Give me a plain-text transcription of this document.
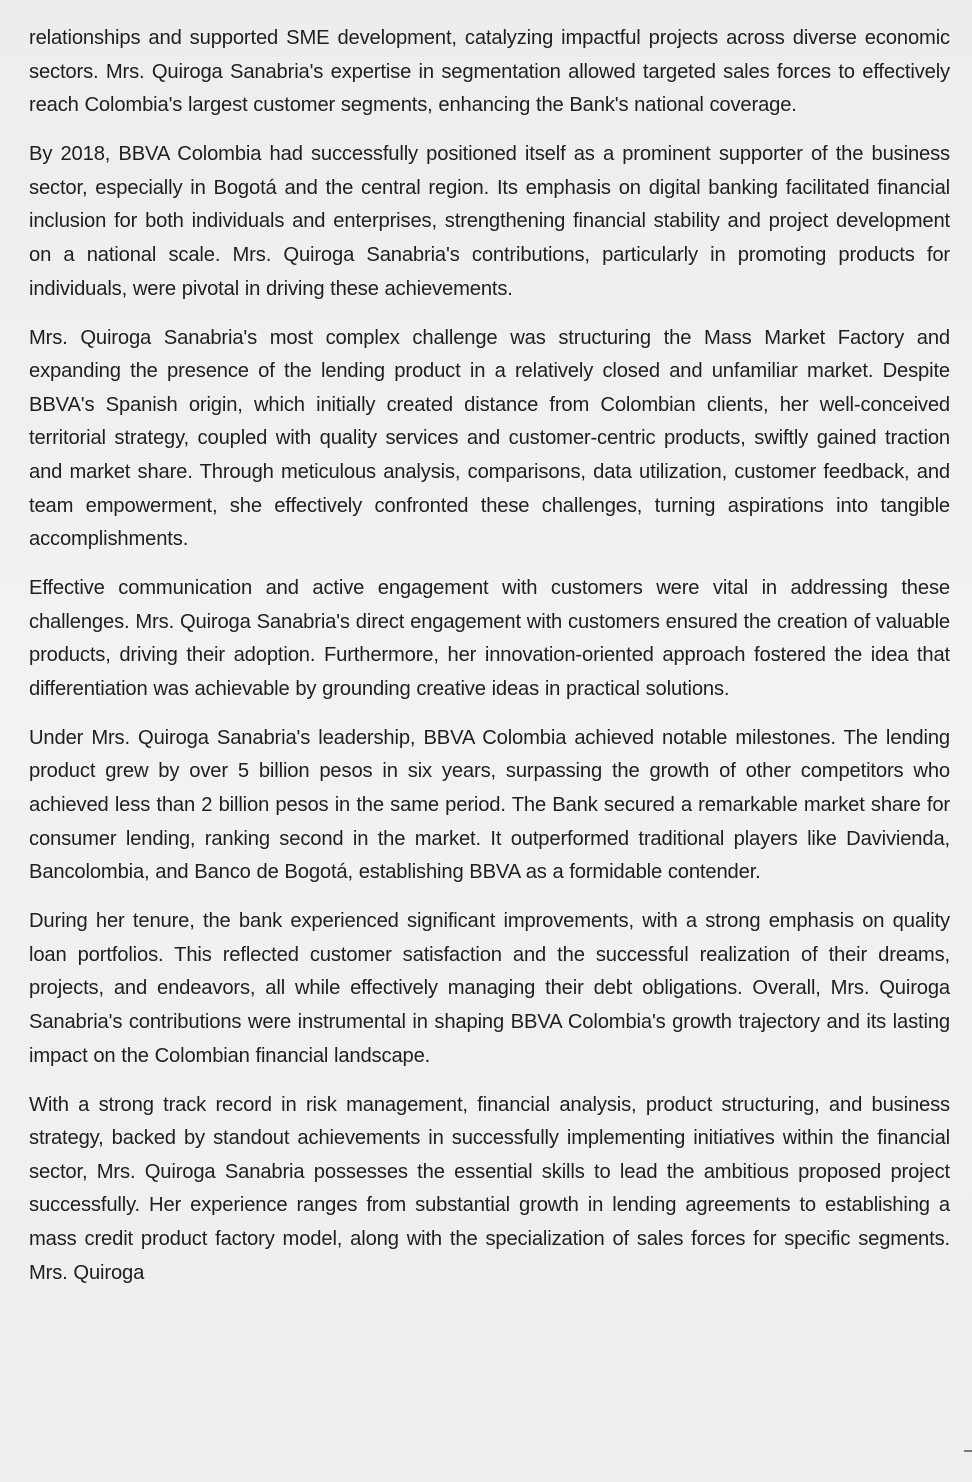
relationships and supported SME development, catalyzing impactful projects across diverse economic sectors. Mrs. Quiroga Sanabria's expertise in segmentation allowed targeted sales forces to effectively reach Colombia's largest customer segments, enhancing the Bank's national coverage.

By 2018, BBVA Colombia had successfully positioned itself as a prominent supporter of the business sector, especially in Bogotá and the central region. Its emphasis on digital banking facilitated financial inclusion for both individuals and enterprises, strengthening financial stability and project development on a national scale. Mrs. Quiroga Sanabria's contributions, particularly in promoting products for individuals, were pivotal in driving these achievements.

Mrs. Quiroga Sanabria's most complex challenge was structuring the Mass Market Factory and expanding the presence of the lending product in a relatively closed and unfamiliar market. Despite BBVA's Spanish origin, which initially created distance from Colombian clients, her well-conceived territorial strategy, coupled with quality services and customer-centric products, swiftly gained traction and market share. Through meticulous analysis, comparisons, data utilization, customer feedback, and team empowerment, she effectively confronted these challenges, turning aspirations into tangible accomplishments.

Effective communication and active engagement with customers were vital in addressing these challenges. Mrs. Quiroga Sanabria's direct engagement with customers ensured the creation of valuable products, driving their adoption. Furthermore, her innovation-oriented approach fostered the idea that differentiation was achievable by grounding creative ideas in practical solutions.

Under Mrs. Quiroga Sanabria's leadership, BBVA Colombia achieved notable milestones. The lending product grew by over 5 billion pesos in six years, surpassing the growth of other competitors who achieved less than 2 billion pesos in the same period. The Bank secured a remarkable market share for consumer lending, ranking second in the market. It outperformed traditional players like Davivienda, Bancolombia, and Banco de Bogotá, establishing BBVA as a formidable contender.

During her tenure, the bank experienced significant improvements, with a strong emphasis on quality loan portfolios. This reflected customer satisfaction and the successful realization of their dreams, projects, and endeavors, all while effectively managing their debt obligations. Overall, Mrs. Quiroga Sanabria's contributions were instrumental in shaping BBVA Colombia's growth trajectory and its lasting impact on the Colombian financial landscape.

With a strong track record in risk management, financial analysis, product structuring, and business strategy, backed by standout achievements in successfully implementing initiatives within the financial sector, Mrs. Quiroga Sanabria possesses the essential skills to lead the ambitious proposed project successfully. Her experience ranges from substantial growth in lending agreements to establishing a mass credit product factory model, along with the specialization of sales forces for specific segments. Mrs. Quiroga
